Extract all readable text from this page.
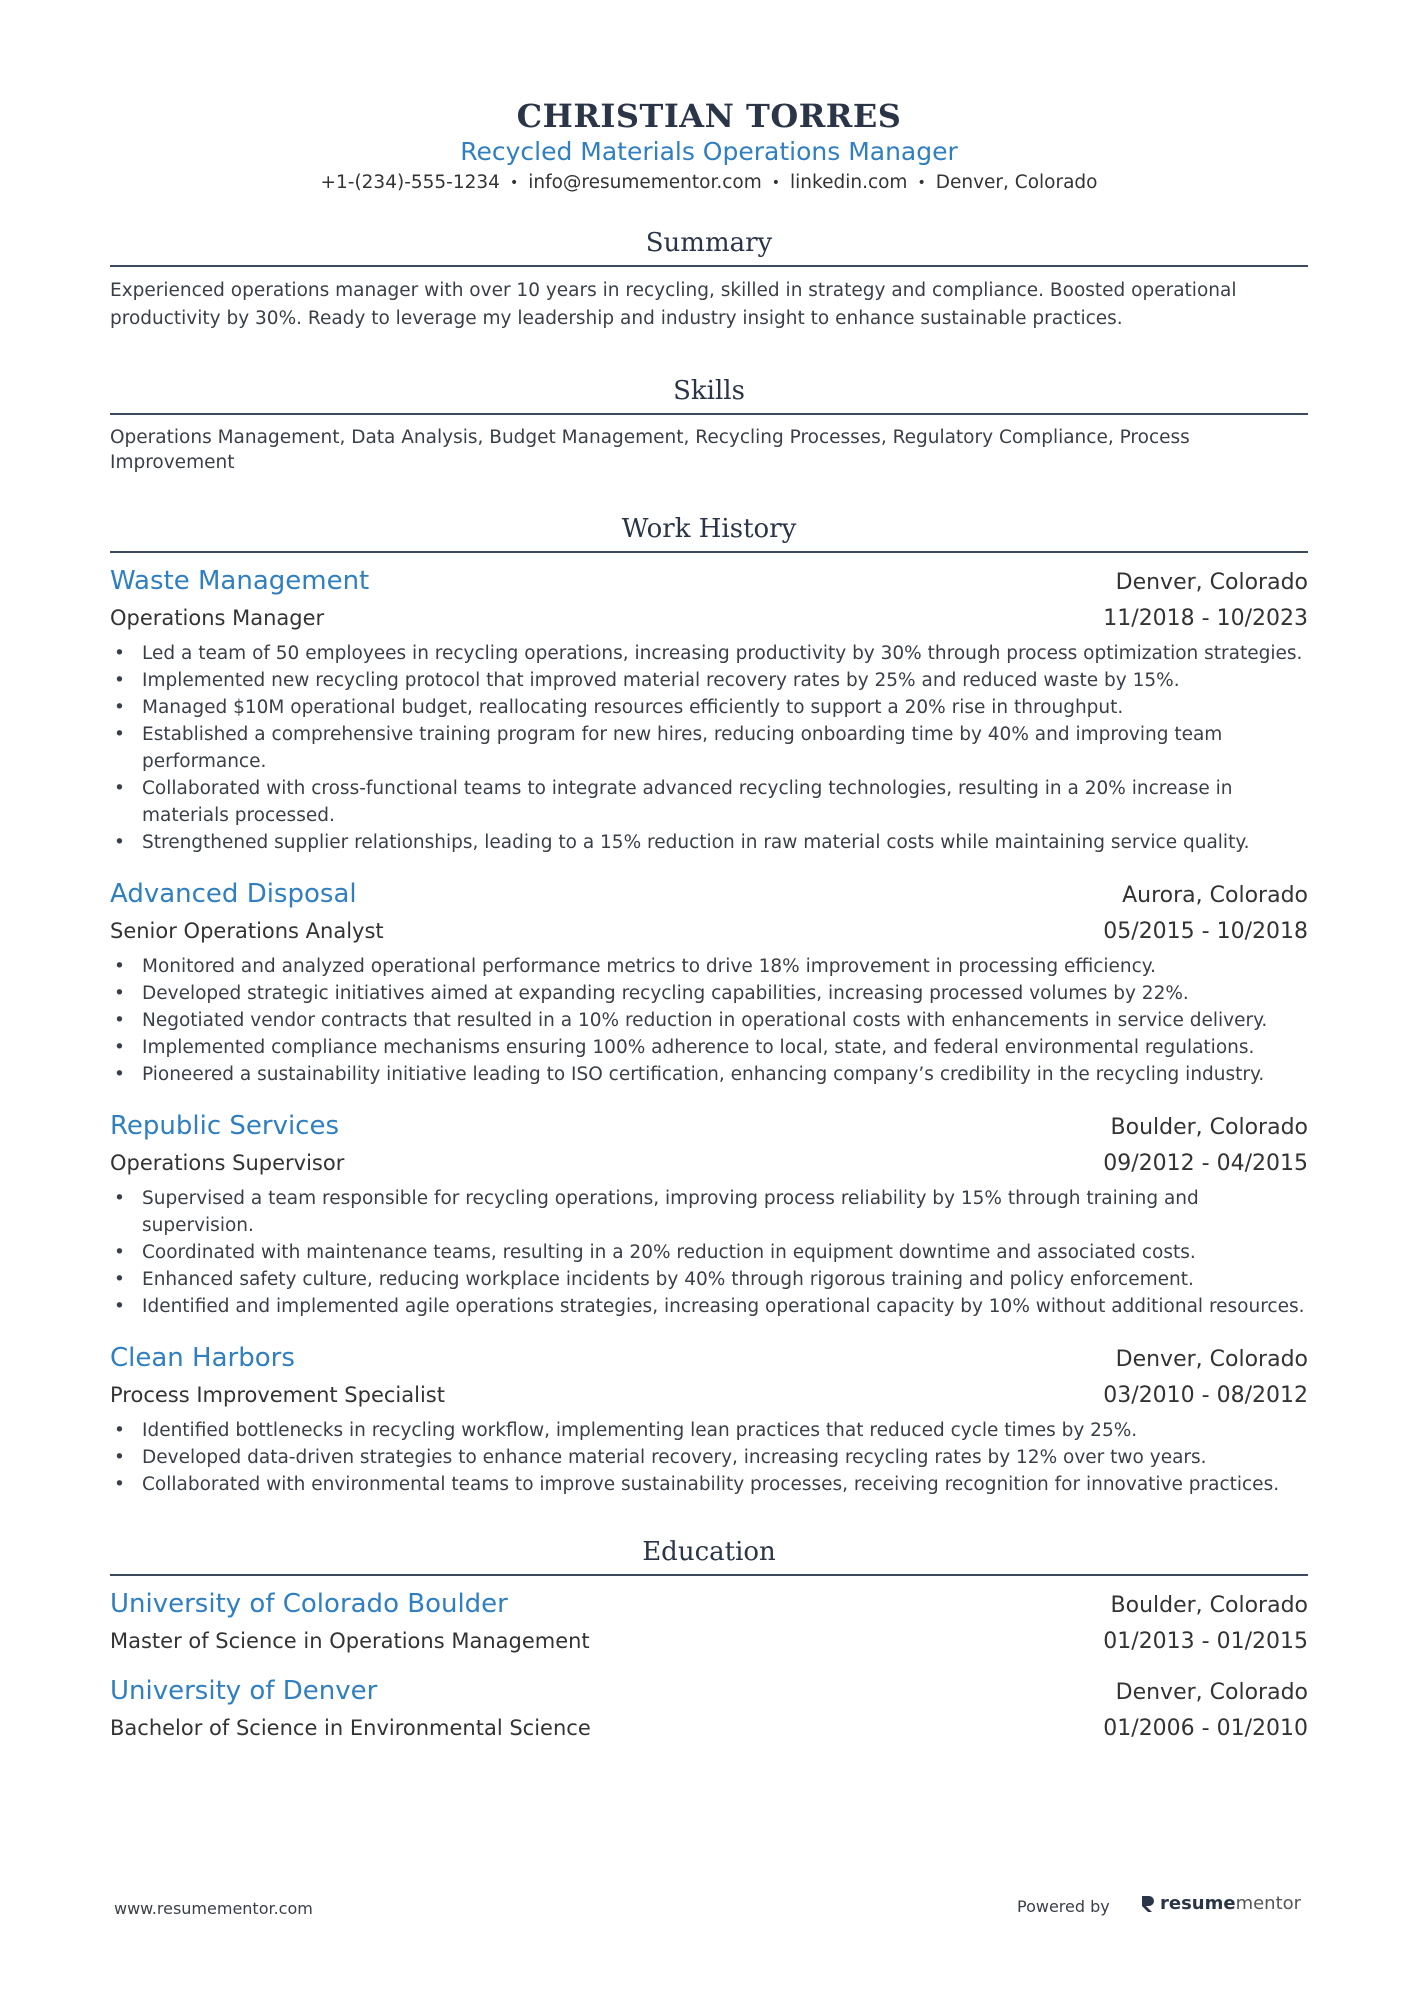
CHRISTIAN TORRES
Recycled Materials Operations Manager
+1-(234)-555-1234 • info@resumementor.com • linkedin.com • Denver, Colorado
Summary
Experienced operations manager with over 10 years in recycling, skilled in strategy and compliance. Boosted operational productivity by 30%. Ready to leverage my leadership and industry insight to enhance sustainable practices.
Skills
Operations Management, Data Analysis, Budget Management, Recycling Processes, Regulatory Compliance, Process Improvement
Work History
Waste Management	Denver, Colorado
Operations Manager	11/2018 - 10/2023
• Led a team of 50 employees in recycling operations, increasing productivity by 30% through process optimization strategies.
• Implemented new recycling protocol that improved material recovery rates by 25% and reduced waste by 15%.
• Managed $10M operational budget, reallocating resources efficiently to support a 20% rise in throughput.
• Established a comprehensive training program for new hires, reducing onboarding time by 40% and improving team performance.
• Collaborated with cross-functional teams to integrate advanced recycling technologies, resulting in a 20% increase in materials processed.
• Strengthened supplier relationships, leading to a 15% reduction in raw material costs while maintaining service quality.
Advanced Disposal	Aurora, Colorado
Senior Operations Analyst	05/2015 - 10/2018
• Monitored and analyzed operational performance metrics to drive 18% improvement in processing efficiency.
• Developed strategic initiatives aimed at expanding recycling capabilities, increasing processed volumes by 22%.
• Negotiated vendor contracts that resulted in a 10% reduction in operational costs with enhancements in service delivery.
• Implemented compliance mechanisms ensuring 100% adherence to local, state, and federal environmental regulations.
• Pioneered a sustainability initiative leading to ISO certification, enhancing company’s credibility in the recycling industry.
Republic Services	Boulder, Colorado
Operations Supervisor	09/2012 - 04/2015
• Supervised a team responsible for recycling operations, improving process reliability by 15% through training and supervision.
• Coordinated with maintenance teams, resulting in a 20% reduction in equipment downtime and associated costs.
• Enhanced safety culture, reducing workplace incidents by 40% through rigorous training and policy enforcement.
• Identified and implemented agile operations strategies, increasing operational capacity by 10% without additional resources.
Clean Harbors	Denver, Colorado
Process Improvement Specialist	03/2010 - 08/2012
• Identified bottlenecks in recycling workflow, implementing lean practices that reduced cycle times by 25%.
• Developed data-driven strategies to enhance material recovery, increasing recycling rates by 12% over two years.
• Collaborated with environmental teams to improve sustainability processes, receiving recognition for innovative practices.
Education
University of Colorado Boulder	Boulder, Colorado
Master of Science in Operations Management	01/2013 - 01/2015
University of Denver	Denver, Colorado
Bachelor of Science in Environmental Science	01/2006 - 01/2010
www.resumementor.com	Powered by	resume mentor
